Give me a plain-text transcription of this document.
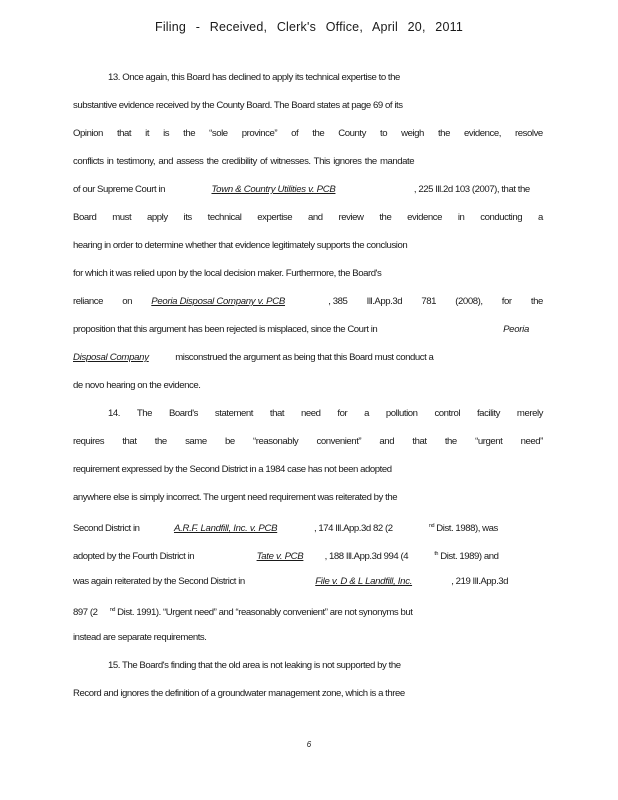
Filing - Received, Clerk's Office, April 20, 2011
13. Once again, this Board has declined to apply its technical expertise to the
substantive evidence received by the County Board. The Board states at page 69 of its
Opinion that it is the “sole province” of the County to weigh the evidence, resolve
conflicts in testimony, and assess the credibility of witnesses. This ignores the mandate
of our Supreme Court in	Town & Country Utilities v. PCB	, 225 Ill.2d 103 (2007), that the
Board must apply its technical expertise and review the evidence in conducting a
hearing in order to determine whether that evidence legitimately supports the conclusion
for which it was relied upon by the local decision maker. Furthermore, the Board's
reliance on Peoria Disposal Company v. PCB	, 385 Ill.App.3d 781 (2008), for the
proposition that this argument has been rejected is misplaced, since the Court in	Peoria
Disposal Company	misconstrued the argument as being that this Board must conduct a
de novo hearing on the evidence.
14. The Board's statement that need for a pollution control facility merely
requires that the same be “reasonably convenient” and that the “urgent need”
requirement expressed by the Second District in a 1984 case has not been adopted
anywhere else is simply incorrect. The urgent need requirement was reiterated by the
Second District in	A.R.F. Landfill, Inc. v. PCB	, 174 Ill.App.3d 82 (2	$^{nd}$ Dist. 1988), was
adopted by the Fourth District in	Tate v. PCB , 188 Ill.App.3d 994 (4	$^{th}$ Dist. 1989) and
was again reiterated by the Second District in	File v. D & L Landfill, Inc.	, 219 Ill.App.3d
897 (2 $^{nd}$ Dist. 1991). “Urgent need” and “reasonably convenient” are not synonyms but
instead are separate requirements.
15. The Board's finding that the old area is not leaking is not supported by the
Record and ignores the definition of a groundwater management zone, which is a three
6
